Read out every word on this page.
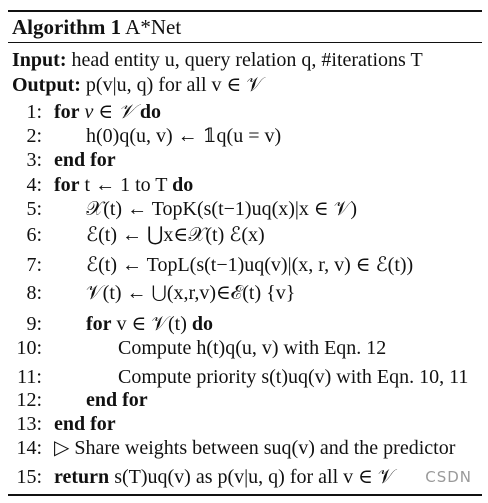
Algorithm 1 A*Net
Input: head entity u, query relation q, #iterations T
Output: p(v|u, q) for all v ∈ 𝒱
1: for v ∈ 𝒱 do
2: h(0)q(u, v) ← 𝟙q(u = v)
3: end for
4: for t ← 1 to T do
5: 𝒳(t) ← TopK(s(t−1)uq(x)|x ∈ 𝒱)
6: ℰ(t) ← ⋃x∈𝒳(t) ℰ(x)
7: ℰ(t) ← TopL(s(t−1)uq(v)|(x, r, v) ∈ ℰ(t))
8: 𝒱(t) ← ⋃(x,r,v)∈ℰ(t) {v}
9: for v ∈ 𝒱(t) do
10:	Compute h(t)q(u, v) with Eqn. 12
11:	Compute priority s(t)uq(v) with Eqn. 10, 11
12: end for
13: end for
14: ▷ Share weights between suq(v) and the predictor
15: return s(T)uq(v) as p(v|u, q) for all v ∈ 𝒱 CSDN
